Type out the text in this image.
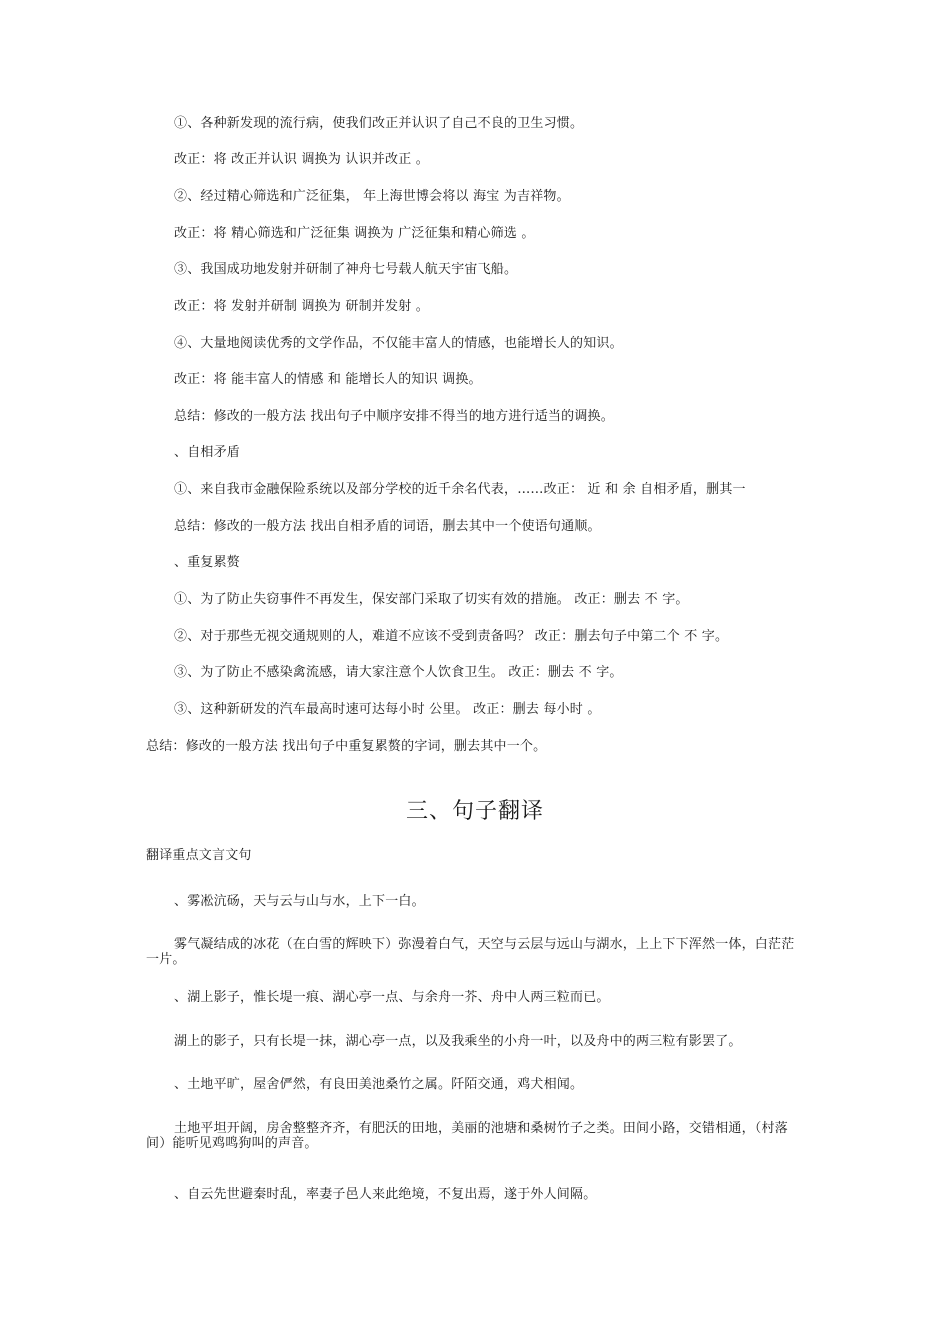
①、各种新发现的流行病，使我们改正并认识了自己不良的卫生习惯。
改正：将 改正并认识 调换为 认识并改正 。
②、经过精心筛选和广泛征集， 年上海世博会将以 海宝 为吉祥物。
改正：将 精心筛选和广泛征集 调换为 广泛征集和精心筛选 。
③、我国成功地发射并研制了神舟七号载人航天宇宙飞船。
改正：将 发射并研制 调换为 研制并发射 。
④、大量地阅读优秀的文学作品，不仅能丰富人的情感，也能增长人的知识。
改正：将 能丰富人的情感 和 能增长人的知识 调换。
总结：修改的一般方法 找出句子中顺序安排不得当的地方进行适当的调换。
、自相矛盾
①、来自我市金融保险系统以及部分学校的近千余名代表，……改正： 近 和 余 自相矛盾，删其一
总结：修改的一般方法 找出自相矛盾的词语，删去其中一个使语句通顺。
、重复累赘
①、为了防止失窃事件不再发生，保安部门采取了切实有效的措施。 改正：删去 不 字。
②、对于那些无视交通规则的人，难道不应该不受到责备吗？ 改正：删去句子中第二个 不 字。
③、为了防止不感染禽流感，请大家注意个人饮食卫生。 改正：删去 不 字。
③、这种新研发的汽车最高时速可达每小时 公里。 改正：删去 每小时 。
总结：修改的一般方法 找出句子中重复累赘的字词，删去其中一个。
三、句子翻译
翻译重点文言文句
、雾凇沆砀，天与云与山与水，上下一白。
雾气凝结成的冰花（在白雪的辉映下）弥漫着白气，天空与云层与远山与湖水，上上下下浑然一体，白茫茫一片。
、湖上影子，惟长堤一痕、湖心亭一点、与余舟一芥、舟中人两三粒而已。
湖上的影子，只有长堤一抹，湖心亭一点，以及我乘坐的小舟一叶，以及舟中的两三粒有影罢了。
、土地平旷，屋舍俨然，有良田美池桑竹之属。阡陌交通，鸡犬相闻。
土地平坦开阔，房舍整整齐齐，有肥沃的田地，美丽的池塘和桑树竹子之类。田间小路，交错相通，（村落间）能听见鸡鸣狗叫的声音。
、自云先世避秦时乱，率妻子邑人来此绝境，不复出焉，遂于外人间隔。
